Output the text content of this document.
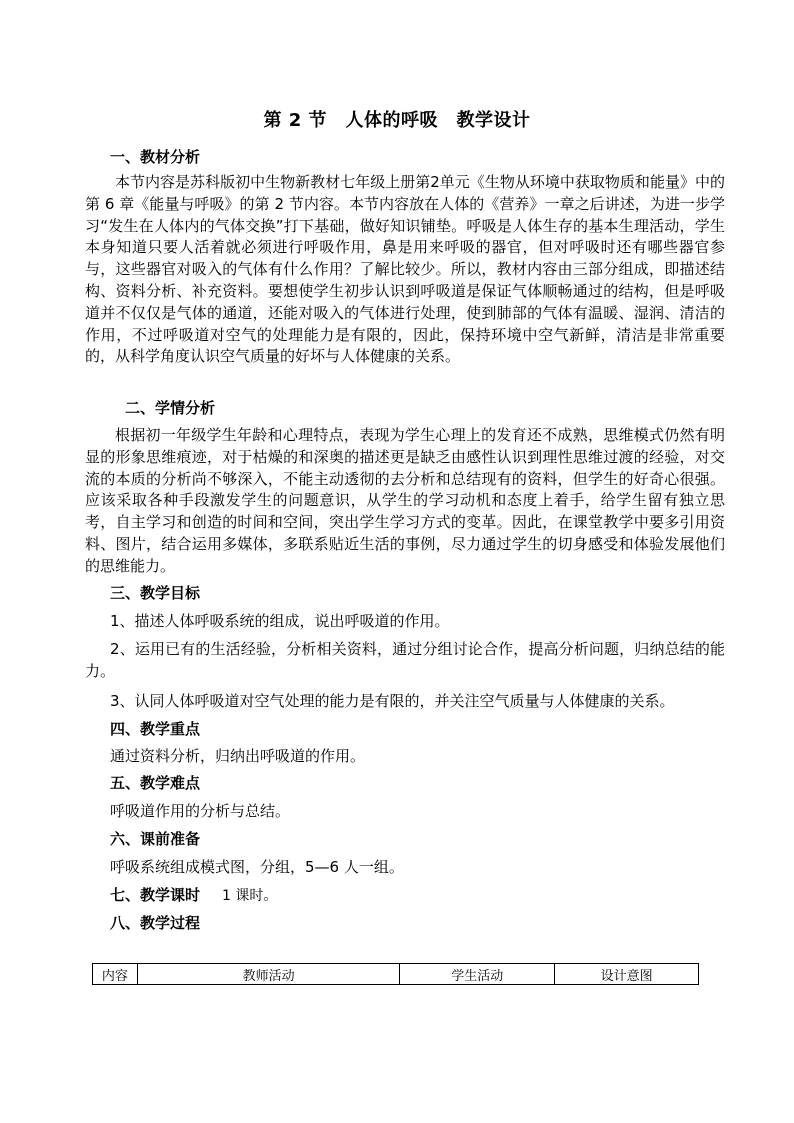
第 2 节　人体的呼吸　教学设计
一、教材分析
本节内容是苏科版初中生物新教材七年级上册第2单元《生物从环境中获取物质和能量》中的第 6 章《能量与呼吸》的第 2 节内容。本节内容放在人体的《营养》一章之后讲述，为进一步学习“发生在人体内的气体交换”打下基础，做好知识铺垫。呼吸是人体生存的基本生理活动，学生本身知道只要人活着就必须进行呼吸作用，鼻是用来呼吸的器官，但对呼吸时还有哪些器官参与，这些器官对吸入的气体有什么作用？了解比较少。所以，教材内容由三部分组成，即描述结构、资料分析、补充资料。要想使学生初步认识到呼吸道是保证气体顺畅通过的结构，但是呼吸道并不仅仅是气体的通道，还能对吸入的气体进行处理，使到肺部的气体有温暖、湿润、清洁的作用，不过呼吸道对空气的处理能力是有限的，因此，保持环境中空气新鲜，清洁是非常重要的，从科学角度认识空气质量的好坏与人体健康的关系。
二、学情分析
根据初一年级学生年龄和心理特点，表现为学生心理上的发育还不成熟，思维模式仍然有明显的形象思维痕迹，对于枯燥的和深奥的描述更是缺乏由感性认识到理性思维过渡的经验，对交流的本质的分析尚不够深入，不能主动透彻的去分析和总结现有的资料，但学生的好奇心很强。应该采取各种手段激发学生的问题意识，从学生的学习动机和态度上着手，给学生留有独立思考，自主学习和创造的时间和空间，突出学生学习方式的变革。因此，在课堂教学中要多引用资料、图片，结合运用多媒体，多联系贴近生活的事例，尽力通过学生的切身感受和体验发展他们的思维能力。
三、教学目标
1、描述人体呼吸系统的组成，说出呼吸道的作用。
2、运用已有的生活经验，分析相关资料，通过分组讨论合作，提高分析问题，归纳总结的能力。
3、认同人体呼吸道对空气处理的能力是有限的，并关注空气质量与人体健康的关系。
四、教学重点
通过资料分析，归纳出呼吸道的作用。
五、教学难点
呼吸道作用的分析与总结。
六、课前准备
呼吸系统组成模式图，分组，5—6 人一组。
七、教学课时 1 课时。
八、教学过程
内容	教师活动	学生活动	设计意图
